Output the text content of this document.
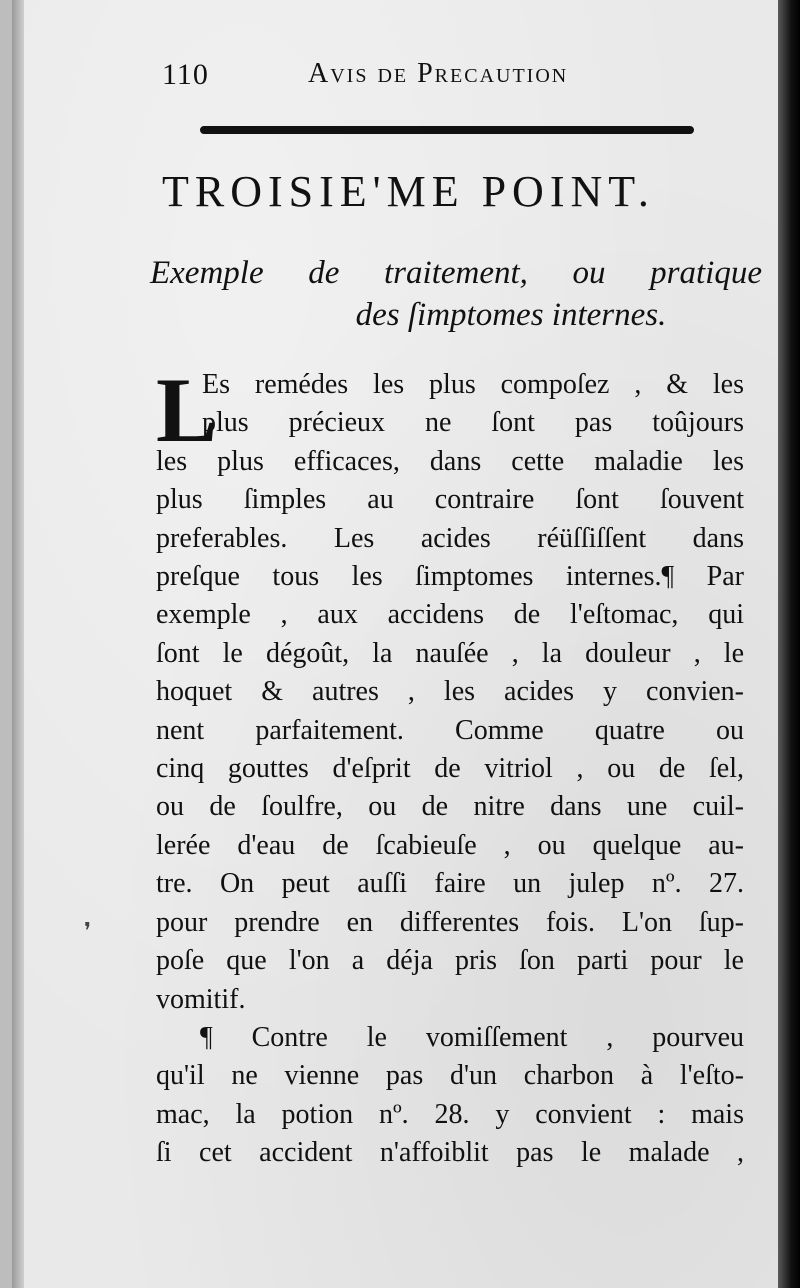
110	Avis de Precaution
TROISIE'ME POINT.
Exemple de traitement, ou pratique
des ſimptomes internes.
L
Es remédes les plus compoſez , & les
plus précieux ne ſont pas toûjours
les plus efficaces, dans cette maladie les
plus ſimples au contraire ſont ſouvent
preferables. Les acides réüſſiſſent dans
preſque tous les ſimptomes internes.¶ Par
exemple , aux accidens de l'eſtomac, qui
ſont le dégoût, la nauſée , la douleur , le
hoquet & autres , les acides y convien-
nent parfaitement. Comme quatre ou
cinq gouttes d'eſprit de vitriol , ou de ſel,
ou de ſoulfre, ou de nitre dans une cuil-
lerée d'eau de ſcabieuſe , ou quelque au-
tre. On peut auſſi faire un julep nº. 27.
pour prendre en differentes fois. L'on ſup-
poſe que l'on a déja pris ſon parti pour le
vomitif.
¶ Contre le vomiſſement , pourveu
qu'il ne vienne pas d'un charbon à l'eſto-
mac, la potion nº. 28. y convient : mais
ſi cet accident n'affoiblit pas le malade ,
❜
